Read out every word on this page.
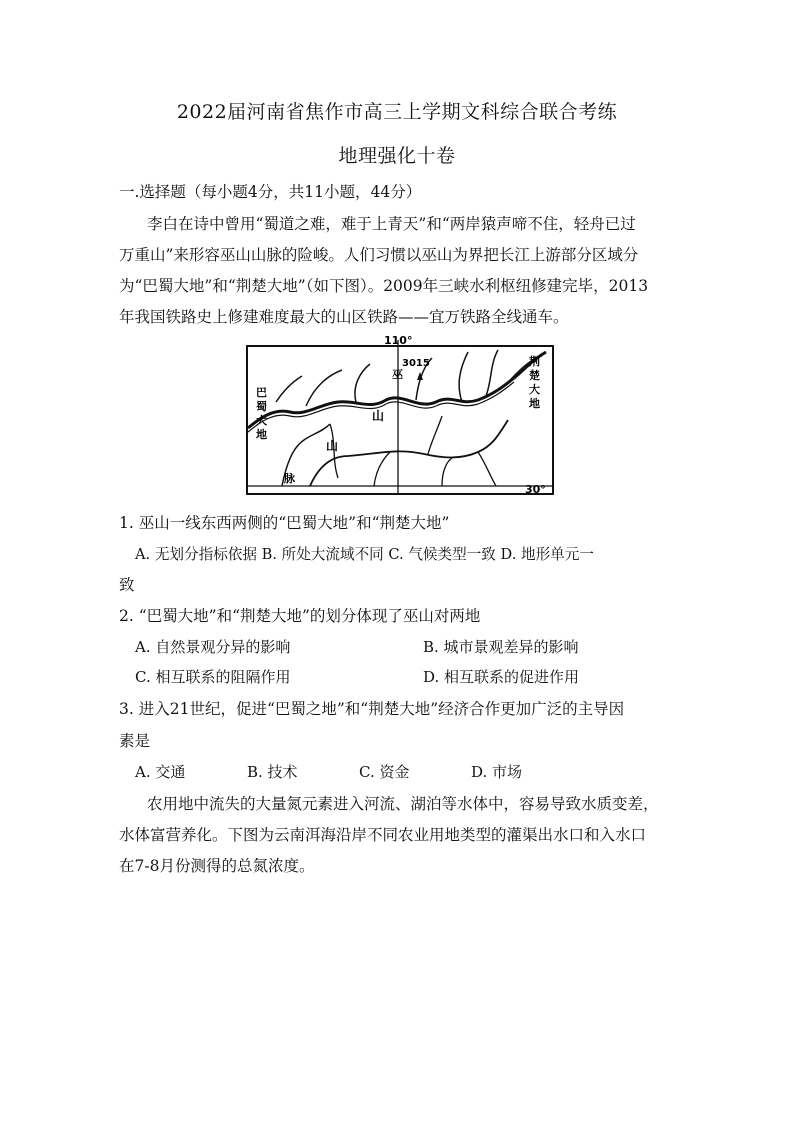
2022届河南省焦作市高三上学期文科综合联合考练
地理强化十卷
一.选择题（每小题4分，共11小题，44分）
李白在诗中曾用“蜀道之难，难于上青天”和“两岸猿声啼不住，轻舟已过
万重山”来形容巫山山脉的险峻。人们习惯以巫山为界把长江上游部分区域分
为“巴蜀大地”和“荆楚大地”（如下图）。2009年三峡水利枢纽修建完毕，2013
年我国铁路史上修建难度最大的山区铁路——宜万铁路全线通车。
110°
30°
3015
巴
蜀
大
地
荆
楚
大
地
巫
山
山
脉
1. 巫山一线东西两侧的“巴蜀大地”和“荆楚大地”
A. 无划分指标依据 B. 所处大流域不同 C. 气候类型一致 D. 地形单元一
致
2. “巴蜀大地”和“荆楚大地”的划分体现了巫山对两地
A. 自然景观分异的影响	B. 城市景观差异的影响
C. 相互联系的阻隔作用	D. 相互联系的促进作用
3. 进入21世纪，促进“巴蜀之地”和“荆楚大地”经济合作更加广泛的主导因
素是
A. 交通	B. 技术	C. 资金	D. 市场
农用地中流失的大量氮元素进入河流、湖泊等水体中，容易导致水质变差，
水体富营养化。下图为云南洱海沿岸不同农业用地类型的灌渠出水口和入水口
在7-8月份测得的总氮浓度。
